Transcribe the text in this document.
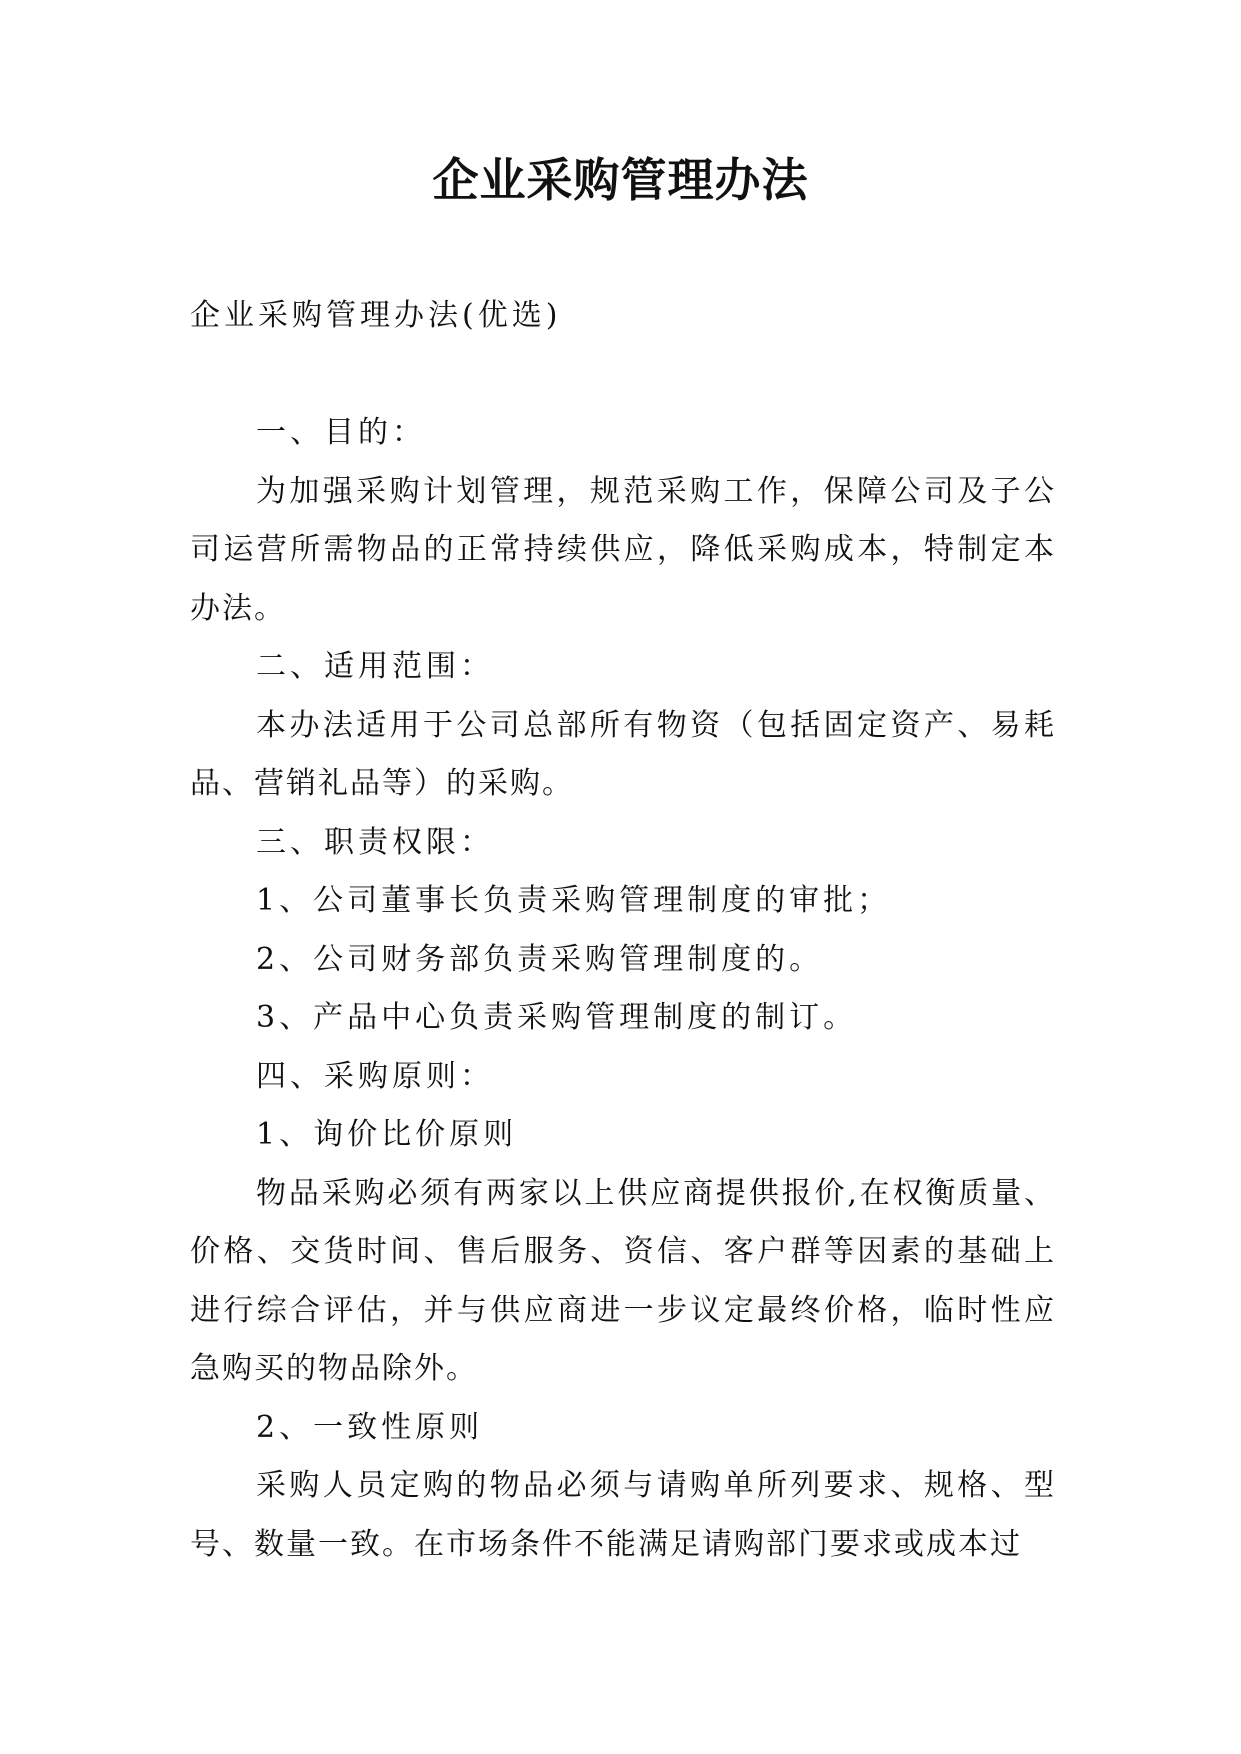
企业采购管理办法
企业采购管理办法(优选)
一、目的：
为加强采购计划管理，规范采购工作，保障公司及子公
司运营所需物品的正常持续供应，降低采购成本，特制定本
办法。
二、适用范围：
本办法适用于公司总部所有物资（包括固定资产、易耗
品、营销礼品等）的采购。
三、职责权限：
1、公司董事长负责采购管理制度的审批；
2、公司财务部负责采购管理制度的。
3、产品中心负责采购管理制度的制订。
四、采购原则：
1、询价比价原则
物品采购必须有两家以上供应商提供报价,在权衡质量、
价格、交货时间、售后服务、资信、客户群等因素的基础上
进行综合评估，并与供应商进一步议定最终价格，临时性应
急购买的物品除外。
2、一致性原则
采购人员定购的物品必须与请购单所列要求、规格、型
号、数量一致。在市场条件不能满足请购部门要求或成本过
